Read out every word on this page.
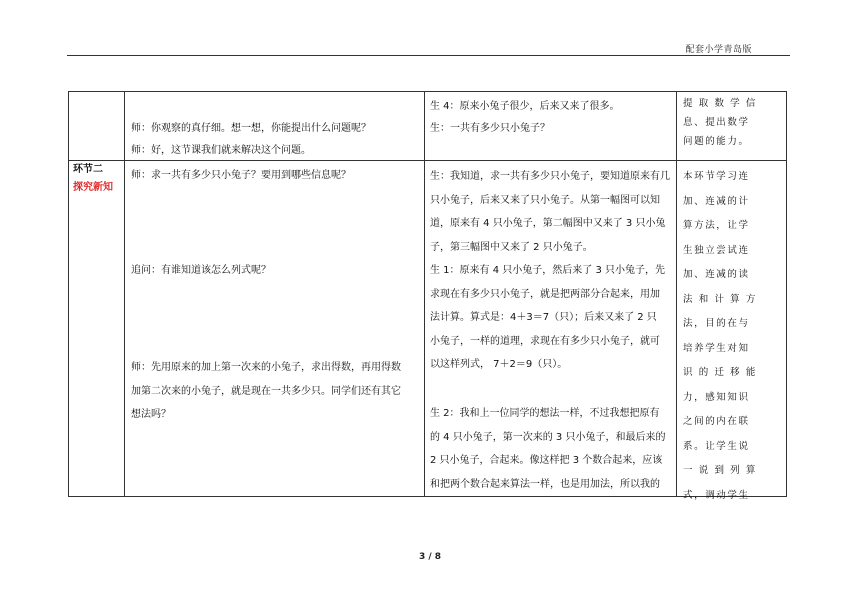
配套小学青岛版
环节二
探究新知
师：你观察的真仔细。想一想，你能提出什么问题呢？
师：好，这节课我们就来解决这个问题。
师：求一共有多少只小兔子？要用到哪些信息呢？
追问：有谁知道该怎么列式呢？
师：先用原来的加上第一次来的小兔子，求出得数，再用得数
加第二次来的小兔子，就是现在一共多少只。同学们还有其它
想法吗？
生 4：原来小兔子很少，后来又来了很多。
生：一共有多少只小兔子？
生：我知道，求一共有多少只小兔子，要知道原来有几
只小兔子，后来又来了只小兔子。从第一幅图可以知
道，原来有 4 只小兔子，第二幅图中又来了 3 只小兔
子，第三幅图中又来了 2 只小兔子。
生 1：原来有 4 只小兔子，然后来了 3 只小兔子，先
求现在有多少只小兔子，就是把两部分合起来，用加
法计算。算式是：4＋3＝7（只）；后来又来了 2 只
小兔子，一样的道理，求现在有多少只小兔子，就可
以这样列式， 7＋2＝9（只）。
生 2：我和上一位同学的想法一样，不过我想把原有
的 4 只小兔子，第一次来的 3 只小兔子，和最后来的
2 只小兔子，合起来。像这样把 3 个数合起来，应该
和把两个数合起来算法一样，也是用加法，所以我的
提 取 数 学 信
息、提出数学
问题的能力。
本环节学习连
加、连减的计
算方法，让学
生独立尝试连
加、连减的读
法 和 计 算 方
法，目的在与
培养学生对知
识 的 迁 移 能
力，感知知识
之间的内在联
系。让学生说
一 说 到 列 算
式，调动学生
3 / 8
